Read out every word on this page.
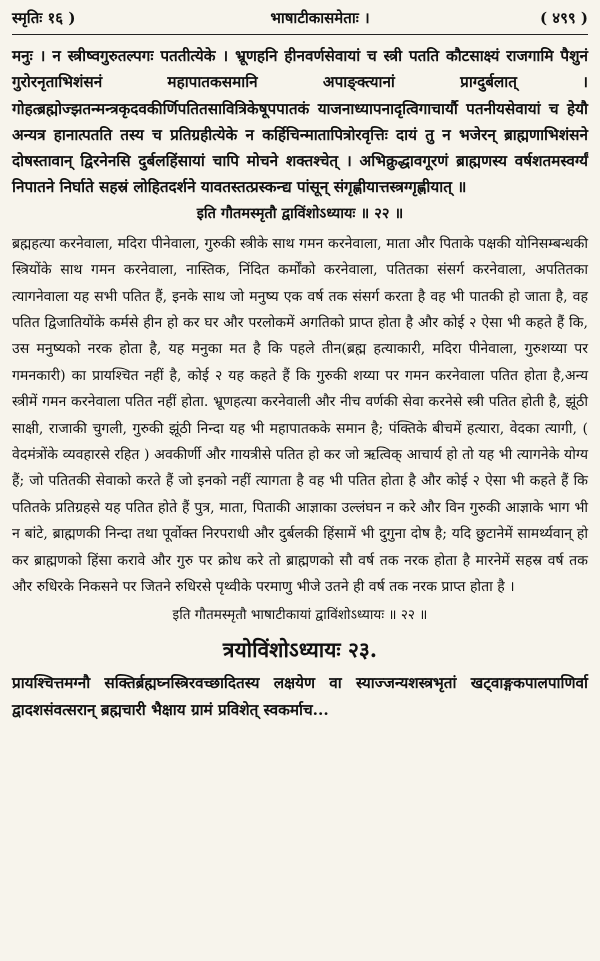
स्मृतिः १६ )	भाषाटीकासमेताः ।	( ४९९ )

मनुः । न स्त्रीष्वगुरुतल्पगः पततीत्येके । भ्रूणहनि हीनवर्णसेवायां च स्त्री पतति कौटसाक्ष्यं राजगामि पैशुनं गुरोरनृताभिशंसनं महापातकसमानि अपाङ्क्त्यानां प्राग्दुर्बलात् । गोहत्ब्रह्मोज्झतन्मन्त्रकृदवकीर्णिपतितसावित्रिकेषूपपातकं याजनाध्यापनादृत्विगाचार्यौ पतनीयसेवायां च हेयौ अन्यत्र हानात्पतति तस्य च प्रतिग्रहीत्येके न कर्हिचिन्मातापित्रोरवृत्तिः दायं तु न भजेरन् ब्राह्मणाभिशंसने दोषस्तावान् द्विरनेनसि दुर्बलहिंसायां चापि मोचने शक्तश्चेत् । अभिक्रुद्धावगूरणं ब्राह्मणस्य वर्षशतमस्वर्ग्यं निपातने निर्घाते सहस्रं लोहितदर्शने यावतस्तत्प्रस्कन्द्य पांसून् संगृह्णीयात्तस्त्रग्गृह्णीयात् ॥

इति गौतमस्मृतौ द्वाविंशोऽध्यायः ॥ २२ ॥

ब्रह्महत्या करनेवाला, मदिरा पीनेवाला, गुरुकी स्त्रीके साथ गमन करनेवाला, माता और पिताके पक्षकी योनिसम्बन्धकी स्त्रियोंके साथ गमन करनेवाला, नास्तिक, निंदित कर्मोंको करनेवाला, पतितका संसर्ग करनेवाला, अपतितका त्यागनेवाला यह सभी पतित हैं, इनके साथ जो मनुष्य एक वर्ष तक संसर्ग करता है वह भी पातकी हो जाता है, वह पतित द्विजातियोंके कर्मसे हीन हो कर घर और परलोकमें अगतिको प्राप्त होता है और कोई २ ऐसा भी कहते हैं कि, उस मनुष्यको नरक होता है, यह मनुका मत है कि पहले तीन(ब्रह्म हत्याकारी, मदिरा पीनेवाला, गुरुशय्या पर गमनकारी) का प्रायश्चित नहीं है, कोई २ यह कहते हैं कि गुरुकी शय्या पर गमन करनेवाला पतित होता है,अन्य स्त्रीमें गमन करनेवाला पतित नहीं होता. भ्रूणहत्या करनेवाली और नीच वर्णकी सेवा करनेसे स्त्री पतित होती है, झूंठी साक्षी, राजाकी चुगली, गुरुकी झूंठी निन्दा यह भी महापातकके समान है; पंक्तिके बीचमें हत्यारा, वेदका त्यागी, ( वेदमंत्रोंके व्यवहारसे रहित ) अवकीर्णी और गायत्रीसे पतित हो कर जो ऋत्विक् आचार्य हो तो यह भी त्यागनेके योग्य हैं; जो पतितकी सेवाको करते हैं जो इनको नहीं त्यागता है वह भी पतित होता है और कोई २ ऐसा भी कहते हैं कि पतितके प्रतिग्रहसे यह पतित होते हैं पुत्र, माता, पिताकी आज्ञाका उल्लंघन न करे और विन गुरुकी आज्ञाके भाग भी न बांटे, ब्राह्मणकी निन्दा तथा पूर्वोक्त निरपराधी और दुर्बलकी हिंसामें भी दुगुना दोष है; यदि छुटानेमें सामर्थ्यवान् हो कर ब्राह्मणको हिंसा करावे और गुरु पर क्रोध करे तो ब्राह्मणको सौ वर्ष तक नरक होता है मारनेमें सहस्र वर्ष तक और रुधिरके निकसने पर जितने रुधिरसे पृथ्वीके परमाणु भीजे उतने ही वर्ष तक नरक प्राप्त होता है ।

इति गौतमस्मृतौ भाषाटीकायां द्वाविंशोऽध्यायः ॥ २२ ॥

त्रयोविंशोऽध्यायः २३.

प्रायश्चित्तमग्नौ सक्तिर्ब्रह्मघ्नस्त्रिरवच्छादितस्य लक्षयेण वा स्याज्जन्यशस्त्रभृतां खट्वाङ्गकपालपाणिर्वा द्वादशसंवत्सरान् ब्रह्मचारी भैक्षाय ग्रामं प्रविशेत् स्वकर्माच...
